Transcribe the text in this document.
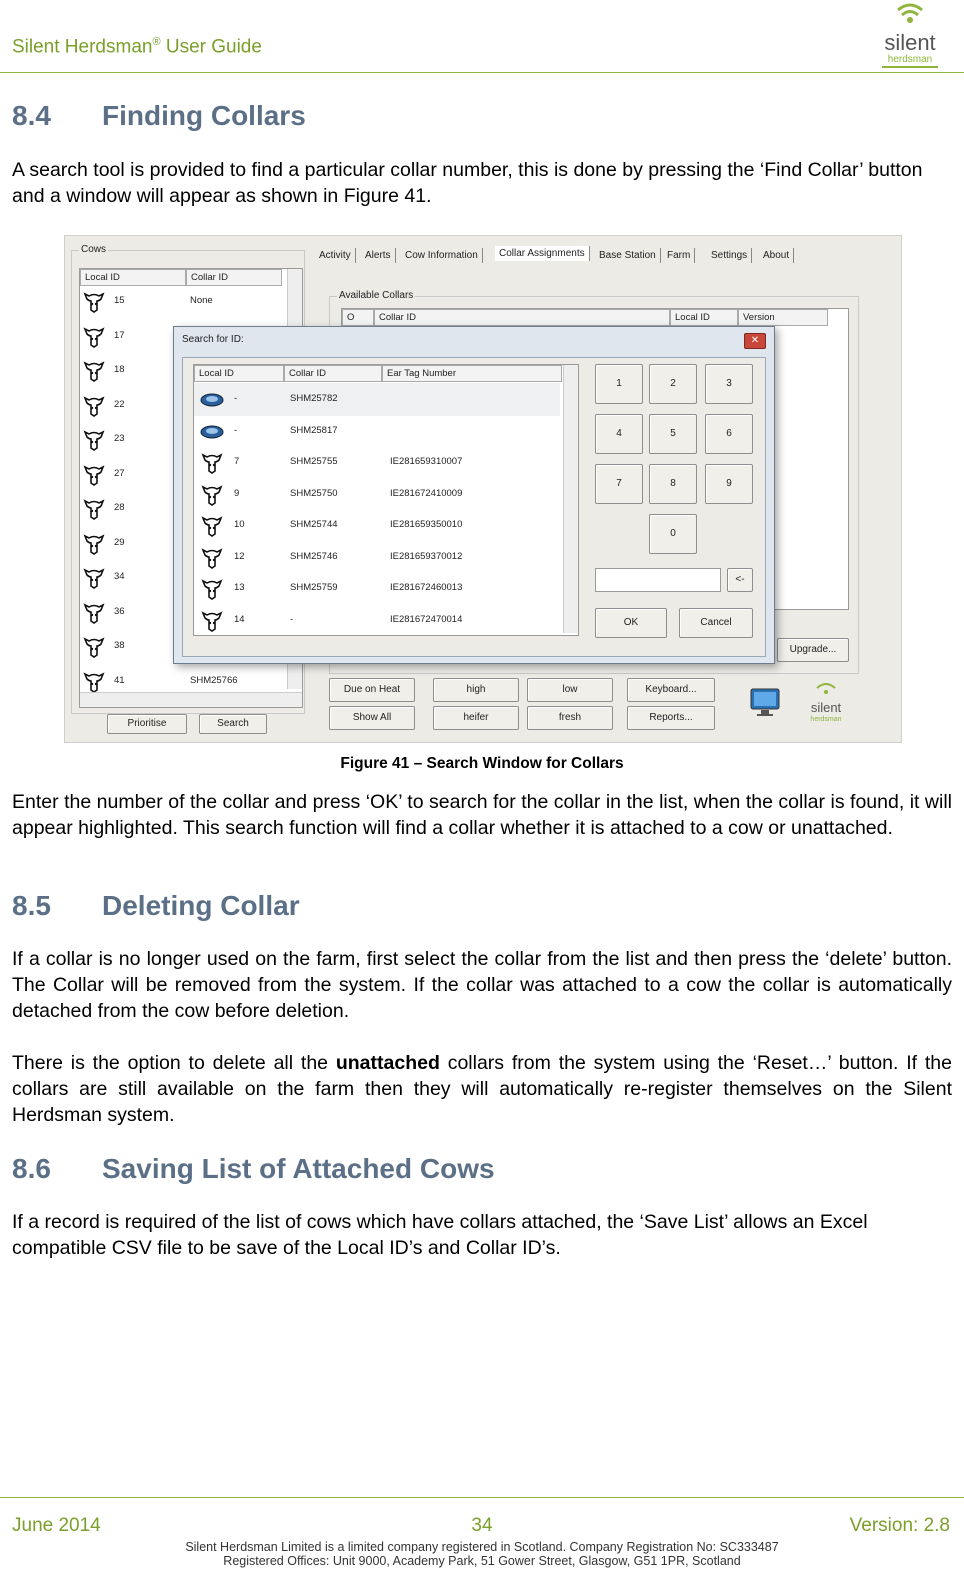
Silent Herdsman® User Guide	silent
herdsman
8.4 Finding Collars

A search tool is provided to find a particular collar number, this is done by pressing the ‘Find Collar’ button and a window will appear as shown in Figure 41.

Cows
Local ID	Collar ID
15	None
17
18
22
23
27
28
29
34
36
38
41	SHM25766
Prioritise	Search
Activity	Alerts	Cow Information	Collar Assignments	Base Station	Farm	Settings	About
Available Collars
O	Collar ID	Local ID	Version
Upgrade...
Due on Heat	high	low	Keyboard...
Show All	heifer	fresh	Reports...
silent
herdsman
Search for ID:	✕
Local ID	Collar ID	Ear Tag Number
-	SHM25782
-	SHM25817
7	SHM25755	IE281659310007
9	SHM25750	IE281672410009
10	SHM25744	IE281659350010
12	SHM25746	IE281659370012
13	SHM25759	IE281672460013
14	-	IE281672470014
1	2	3
4	5	6
7	8	9
0
<-
OK	Cancel
Figure 41 – Search Window for Collars

Enter the number of the collar and press ‘OK’ to search for the collar in the list, when the collar is found, it will appear highlighted. This search function will find a collar whether it is attached to a cow or unattached.

8.5 Deleting Collar

If a collar is no longer used on the farm, first select the collar from the list and then press the ‘delete’ button. The Collar will be removed from the system. If the collar was attached to a cow the collar is automatically detached from the cow before deletion.

There is the option to delete all the unattached collars from the system using the ‘Reset…’ button. If the collars are still available on the farm then they will automatically re-register themselves on the Silent Herdsman system.

8.6 Saving List of Attached Cows

If a record is required of the list of cows which have collars attached, the ‘Save List’ allows an Excel compatible CSV file to be save of the Local ID’s and Collar ID’s.

34
June 2014	Version: 2.8
Silent Herdsman Limited is a limited company registered in Scotland. Company Registration No: SC333487
Registered Offices: Unit 9000, Academy Park, 51 Gower Street, Glasgow, G51 1PR, Scotland
